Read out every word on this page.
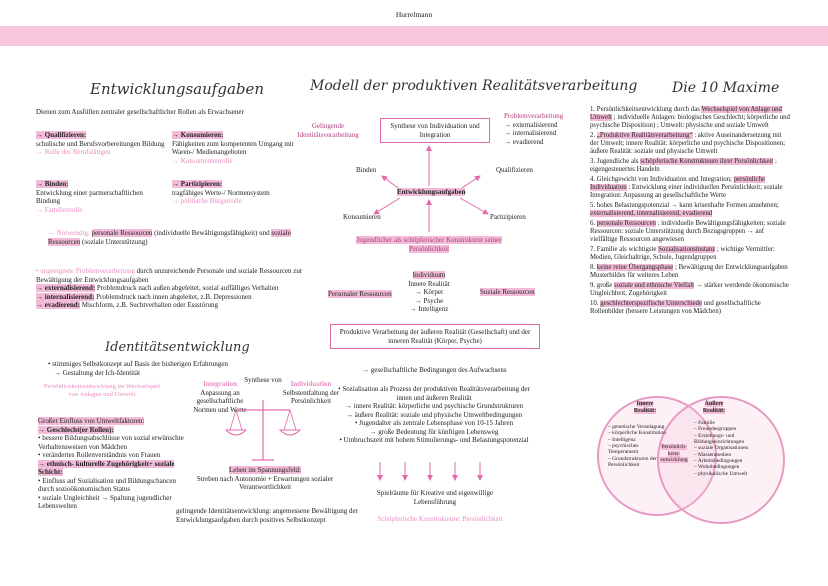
Hurrelmann
Entwicklungsaufgaben
Dienen zum Ausfüllen zentraler gesellschaftlicher Rollen als Erwachsener
→ Qualifizieren:
schulische und Berufsvorbereitungen Bildung
→ Rolle des Berufstätigen
→ Konsumieren:
Fähigkeiten zum kompetenten Umgang mit Waren-/ Medienangeboten
→ Konsumentenrolle
→ Binden:
Entwicklung einer partnerschaftlichen Bindung
→ Familienrolle
→ Partizipieren:
tragfähiges Werte-/ Normensystem
→ politische Bürgerrolle
→ Notwendig: personale Ressourcen (individuelle Bewältigungsfähigkeit) und soziale Ressourcen (soziale Unterstützung)
• ungeeignete Problemverarbeitung durch unzureichende Personale und soziale Ressourcen zur Bewältigung der Entwicklungsaufgaben
→ externalisierend: Problemdruck nach außen abgeleitet, sozial auffälliges Verhalten
→ internalisierend: Problemdruck nach innen abgeleitet, z.B. Depressionen
→ evadierend: Mischform, z.B. Suchtverhalten oder Essstörung
Identitätsentwicklung
• stimmiges Selbstkonzept auf Basis der bisherigen Erfahrungen
→ Gestaltung der Ich-Identität
Persönlichkeitsentwicklung im Wechselspiel von Anlagen und Umwelt
Großer Einfluss von Umweltfaktoren:
→ Geschlecht(er Rollen):
• bessere Bildungsabschlüsse von sozial erwünschte Verhaltensweisen von Mädchen
• verändertes Rollenverständnis von Frauen
→ ethnisch- kulturelle Zugehörigkeit+ soziale Schicht:
• Einfluss auf Sozialisation und Bildungschancen durch sozioökonomischen Status
• soziale Ungleichheit → Spaltung jugendlicher Lebenswelten
Integration
Anpassung an gesellschaftliche Normen und Werte
Synthese von	Individuation
Selbstentfaltung der Persönlichkeit
Leben im Spannungsfeld:
Streben nach Autonomie + Erwartungen sozialer Verantwortlichkeit
gelingende Identitätsentwicklung: angemessene Bewältigung der Entwicklungsaufgaben durch positives Selbstkonzept
Modell der produktiven Realitätsverarbeitung
Gelingende Identitätsverarbeitung
Synthese von Individuation und Integration
Problemverarbeitung
→ externalisierend
→ internalisierend
→ evadierend
Binden	Qualifizieren
Entwicklungsaufgaben
Konsumieren	Partizipieren
Jugendlicher als schöpferischer Konstrukteur seiner Persönlichkeit
Individuum
Innere Realität
→ Körper
→ Psyche
→ Intelligenz
Personaler Ressourcen	Soziale Ressourcen
Produktive Verarbeitung der äußeren Realität (Gesellschaft) und der inneren Realität (Körper, Psyche)
→ gesellschaftliche Bedingungen des Aufwachsens
• Sozialisation als Prozess der produktiven Realitätsverarbeitung der innen und äußeren Realität
→ innere Realität: körperliche und psychische Grundstrukturen
→ äußere Realität: soziale und physische Umweltbedingungen
• Jugendalter als zentrale Lebensphase von 10-15 Jahren
→ große Bedeutung für künftigen Lebensweg
• Umbruchszeit mit hohem Stimulierungs- und Belastungspotenzial
Spielräume für Kreative und eigenwillige Lebensführung
Schöpferische Konstrukteure: Persönlichkeit
Die 10 Maxime

1. Persönlichkeitsentwicklung durch das Wechselspiel von Anlage und Umwelt ; individuelle Anlagen: biologisches Geschlecht; körperliche und psychische Disposition) ; Umwelt: physische und soziale Umwelt

2. „Produktive Realitätsverarbeitung“ : aktive Auseinandersetzung mit der Umwelt; innere Realität: körperliche und psychische Dispositionen; äußere Realität: soziale und physische Umwelt

3. Jugendliche als schöpferische Konstrukteure ihrer Persönlichkeit ; eigengesteuertes Handeln

4. Gleichgewicht von Individuation und Integration; persönliche Individuation : Entwicklung einer individuellen Persönlichkeit; soziale Integration: Anpassung an gesellschaftliche Werte

5. hohes Belastungspotenzial → kann krisenhafte Formen annehmen; externalisierend, internalisierend, evadierend

6. personale Ressourcen : individuelle Bewältigungsfähigkeiten; soziale Ressourcen: soziale Unterstützung durch Bezugsgruppen → auf vielfältige Ressourcen angewiesen

7. Familie als wichtigste Sozialisationsinstanz ; wichtige Vermittler: Medien, Gleichaltrige, Schule, Jugendgruppen

8. keine reine Übergangsphase ; Bewältigung der Entwicklungsaufgaben Musterbildes für weiteres Leben

9. große soziale und ethnische Vielfalt → stärker werdende ökonomische Ungleichheit, Zugehörigkeit

10. geschlechterspezifische Unterschiede und gesellschaftliche Rollenbilder (bessere Leistungen von Mädchen)

Innere Realität:
– genetische Veranlagung
– körperliche Konstitution
– Intelligenz
– psychisches Temperament
– Grundstrukturen der Persönlichkeit
Persönlich-keits-entwicklung
Äußere Realität:
– Familie
– Freundesgruppen
– Erziehungs- und Bildungseinrichtungen
– soziale Organisationen
– Massenmedien
– Arbeitsbedingungen
– Wohnbedingungen
– physikalische Umwelt
